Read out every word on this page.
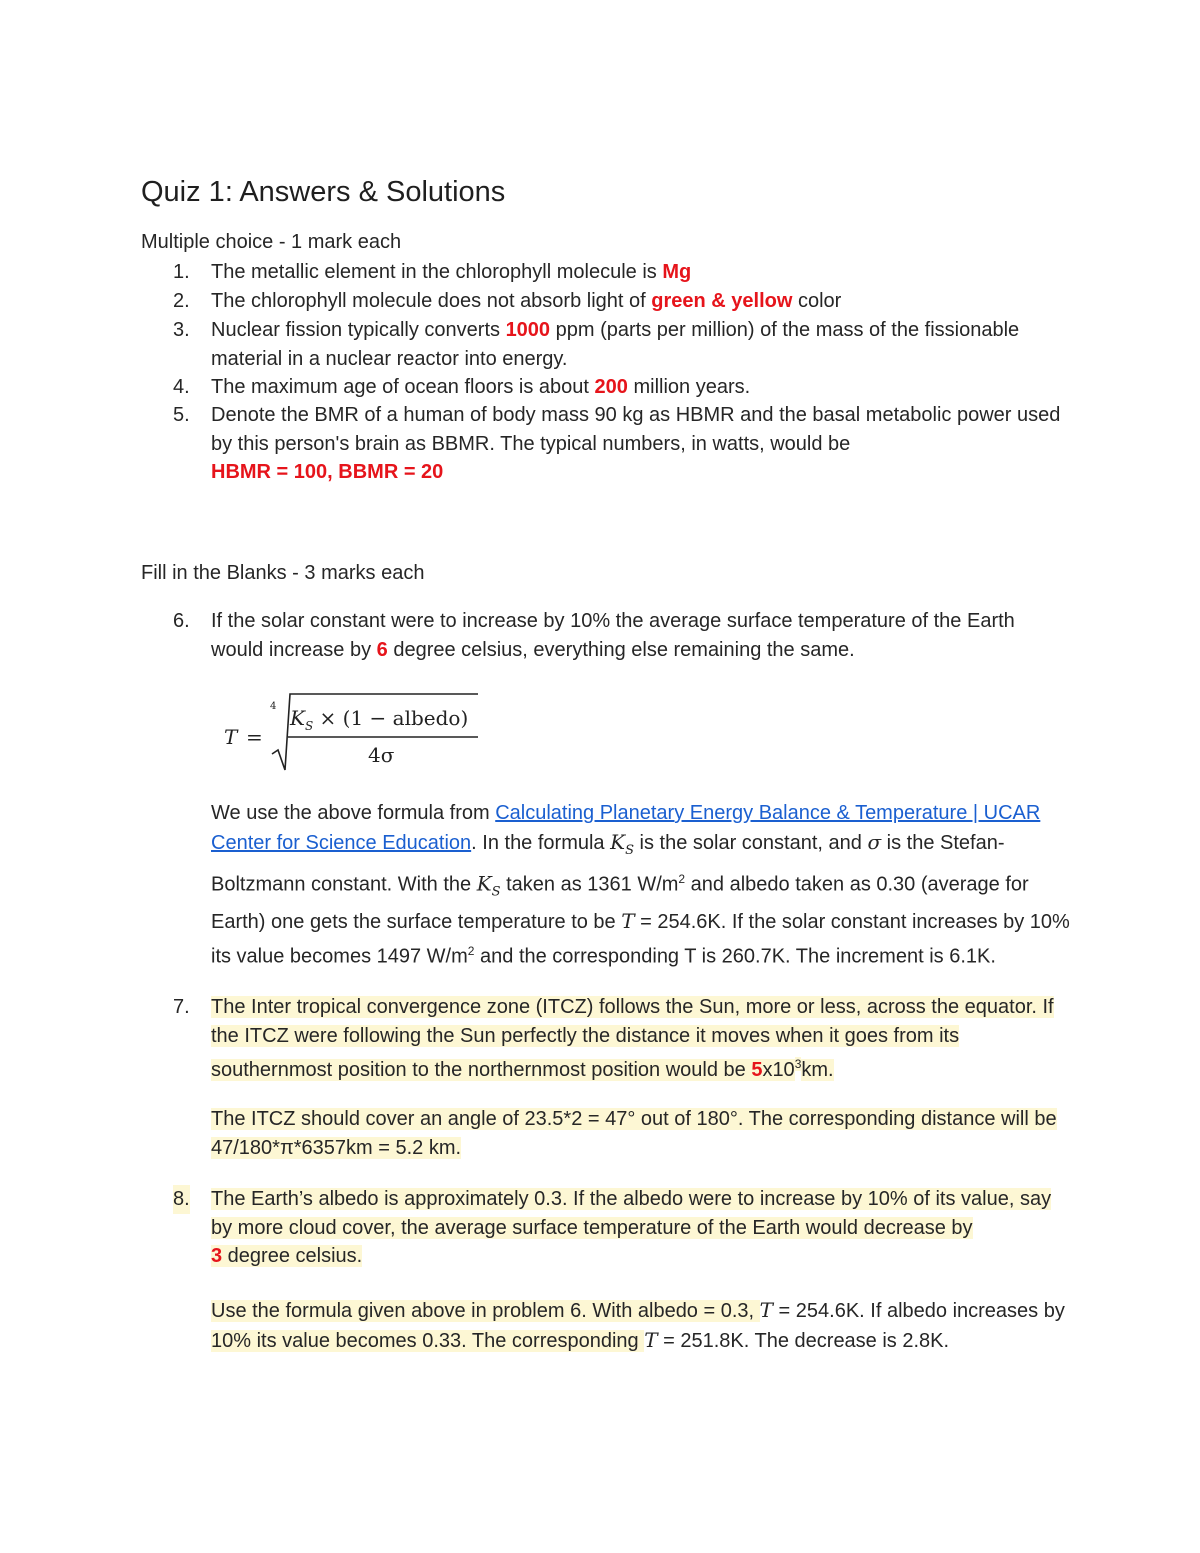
Quiz 1: Answers & Solutions
Multiple choice - 1 mark each
1. The metallic element in the chlorophyll molecule is Mg
2. The chlorophyll molecule does not absorb light of green & yellow color
3. Nuclear fission typically converts 1000 ppm (parts per million) of the mass of the fissionable material in a nuclear reactor into energy.
4. The maximum age of ocean floors is about 200 million years.
5. Denote the BMR of a human of body mass 90 kg as HBMR and the basal metabolic power used by this person's brain as BBMR. The typical numbers, in watts, would be
HBMR = 100, BBMR = 20
Fill in the Blanks - 3 marks each
6. If the solar constant were to increase by 10% the average surface temperature of the Earth would increase by 6 degree celsius, everything else remaining the same.
T =
4 $K_S \times (1$ − albedo)
4σ
We use the above formula from Calculating Planetary Energy Balance & Temperature | UCAR Center for Science Education. In the formula $K_S$ is the solar constant, and σ is the Stefan-Boltzmann constant. With the $K_S$ taken as 1361 $W/m^2$ and albedo taken as 0.30 (average for Earth) one gets the surface temperature to be T = 254.6K. If the solar constant increases by 10% its value becomes 1497 $W/m^2$ and the corresponding T is 260.7K. The increment is 6.1K.
7. The Inter tropical convergence zone (ITCZ) follows the Sun, more or less, across the equator. If the ITCZ were following the Sun perfectly the distance it moves when it goes from its southernmost position to the northernmost position would be $5x10^3km$.
The ITCZ should cover an angle of 23.5*2 = 47° out of 180°. The corresponding distance will be 47/180*π*6357km = 5.2 km.
8. The Earth’s albedo is approximately 0.3. If the albedo were to increase by 10% of its value, say by more cloud cover, the average surface temperature of the Earth would decrease by
3 degree celsius.
Use the formula given above in problem 6. With albedo = 0.3, T = 254.6K. If albedo increases by 10% its value becomes 0.33. The corresponding T = 251.8K. The decrease is 2.8K.
